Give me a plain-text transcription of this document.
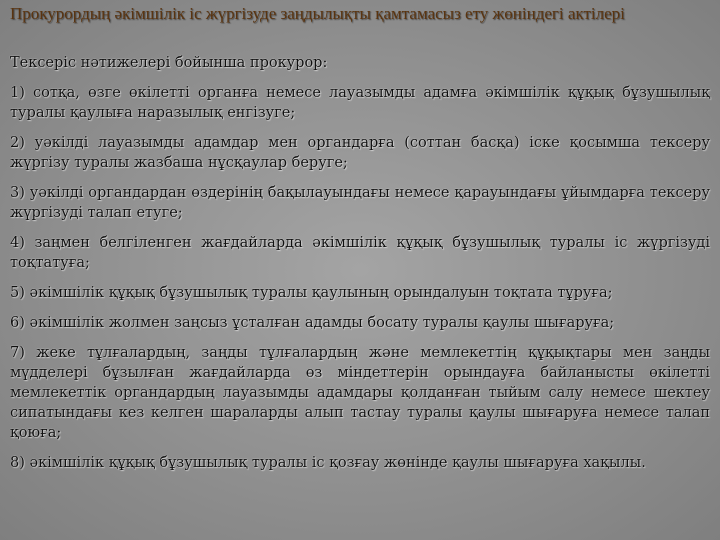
Прокурордың әкімшілік іс жүргізуде заңдылықты қамтамасыз ету жөніндегі актілері

Тексеріс нәтижелері бойынша прокурор:

1) сотқа, өзге өкілетті органға немесе лауазымды адамға әкімшілік құқық бұзушылық туралы қаулыға наразылық енгізуге;
2) уәкілді лауазымды адамдар мен органдарға (соттан басқа) іске қосымша тексеру жүргізу туралы жазбаша нұсқаулар беруге;
3) уәкілді органдардан өздерінің бақылауындағы немесе қарауындағы ұйымдарға тексеру жүргізуді талап етуге;
4) заңмен белгіленген жағдайларда әкімшілік құқық бұзушылық туралы іс жүргізуді тоқтатуға;
5) әкімшілік құқық бұзушылық туралы қаулының орындалуын тоқтата тұруға;
6) әкімшілік жолмен заңсыз ұсталған адамды босату туралы қаулы шығаруға;
7) жеке тұлғалардың, заңды тұлғалардың және мемлекеттің құқықтары мен заңды мүдделері бұзылған жағдайларда өз міндеттерін орындауға байланысты өкілетті мемлекеттік органдардың лауазымды адамдары қолданған тыйым салу немесе шектеу сипатындағы кез келген шараларды алып тастау туралы қаулы шығаруға немесе талап қоюға;
8) әкімшілік құқық бұзушылық туралы іс қозғау жөнінде қаулы шығаруға хақылы.
